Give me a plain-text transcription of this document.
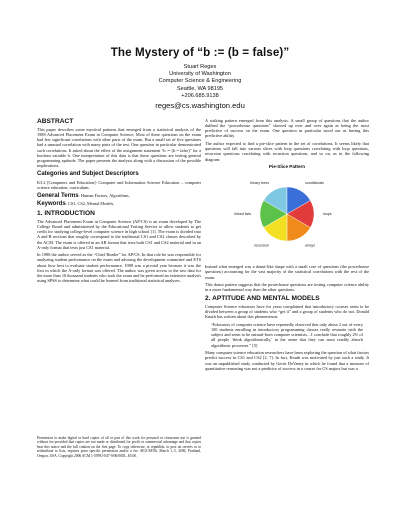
The Mystery of “b := (b = false)”
Stuart Reges
University of Washington
Computer Science & Engineering
Seattle, WA 98195
+206.685.9138
reges@cs.washington.edu
ABSTRACT

This paper describes some mystical patterns that emerged from a statistical analysis of the 1988 Advanced Placement Exam in Computer Science. Most of these questions on the exam had few significant correlations with other parts of the exam. But a small set of five questions had a unusual correlation with many parts of the test. One question in particular demonstrated such correlations. It asked about the effect of the assignment statement “b := (b = false)” for a boolean variable b. One interpretation of this data is that these questions are testing general programming aptitude. The paper presents the analysis along with a discussion of the possible implications.

Categories and Subject Descriptors

K3.2 [Computers and Education]: Computer and Information Science Education – computer science education, curriculum.

General Terms: Human Factors, Algorithms.

Keywords: CS1, CS2, Mental Models.

1. INTRODUCTION

The Advanced Placement Exam in Computer Science (AP/CS) is an exam developed by The College Board and administered by the Educational Testing Service to allow students to get credit for studying college-level computer science in high school [1]. The exam is divided into A and B sections that roughly correspond to the traditional CS1 and CS2 classes described by the ACM. The exam is offered in an AB format that tests both CS1 and CS2 material and in an A-only format that tests just CS1 material.

In 1988 the author served as the “Chief Reader” for AP/CS. In that role he was responsible for analyzing student performance on the exam and advising the development committee and ETS about how best to evaluate student performance. 1988 was a pivotal year because it was the first in which the A-only format was offered. The author was given access to the raw data for the more than 10 thousand students who took the exam and he performed an extensive analysis using SPSS to determine what could be learned from traditional statistical analyses.

Permission to make digital or hard copies of all or part of this work for personal or classroom use is granted without fee provided that copies are not made or distributed for profit or commercial advantage and that copies bear this notice and the full citation on the first page. To copy otherwise, or republish, to post on servers or to redistribute to lists, requires prior specific permission and/or a fee. SIGCSE'06, March 1–5, 2006, Portland, Oregon, USA. Copyright 2006 ACM 1-59593-047-9/06/0003...$5.00.

A striking pattern emerged from this analysis. A small group of questions that the author dubbed the “powerhouse questions” showed up over and over again as being the most predictive of success on the exam. One question in particular stood out as having this predictive ability.

The author expected to find a pie-slice pattern in the set of correlations. It seems likely that questions will fall into various slices with loop questions correlating with loop questions, recursion questions correlating with recursion questions, and so on, as in the following diagram:

Pie-Slice Pattern
binary trees	conditionals
loops
arrays
recursion
linked lists

Instead what emerged was a donut-like shape with a small core of questions (the powerhouse questions) accounting for the vast majority of the statistical correlations with the rest of the exam.

This donut pattern suggests that the powerhouse questions are testing computer science ability in a more fundamental way than the other questions.

2. APTITUDE AND MENTAL MODELS

Computer Science educators have for years complained that introductory courses seem to be divided between a group of students who “get it” and a group of students who do not. Donald Knuth has written about this phenomenon:

“Educators of computer science have repeatedly observed that only about 2 out of every 100 students enrolling in introductory programming classes really resonate with the subject and seem to be natural-born computer scientists…I conclude that roughly 2% of all people ‘think algorithmically,’ in the sense that they can most readily absorb algorithmic processes.” [5]

Many computer science education researchers have been exploring the question of what factors predict success in CS1 and CS2 [2, 7]. In fact, Knuth was motivated by just such a study. It was an unpublished study conducted by Gerrit DeVaney in which he found that a measure of quantitative reasoning was not a predictor of success in a course for CS majors but was a
